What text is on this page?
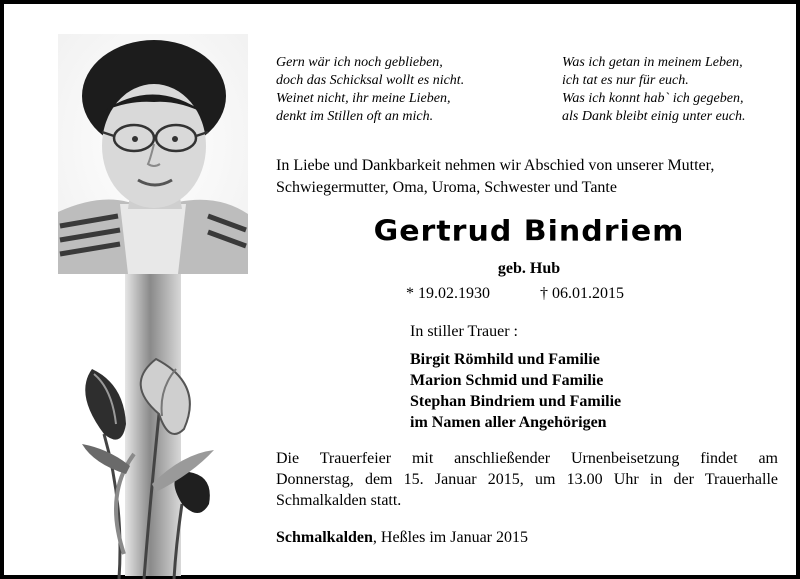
Gern wär ich noch geblieben,
doch das Schicksal wollt es nicht.
Weinet nicht, ihr meine Lieben,
denkt im Stillen oft an mich.
Was ich getan in meinem Leben,
ich tat es nur für euch.
Was ich konnt hab` ich gegeben,
als Dank bleibt einig unter euch.
In Liebe und Dankbarkeit nehmen wir Abschied von unserer Mutter,
Schwiegermutter, Oma, Uroma, Schwester und Tante
Gertrud Bindriem
geb. Hub
* 19.02.1930	† 06.01.2015
In stiller Trauer :
Birgit Römhild und Familie
Marion Schmid und Familie
Stephan Bindriem und Familie
im Namen aller Angehörigen
Die Trauerfeier mit anschließender Urnenbeisetzung findet am
Donnerstag, dem 15. Januar 2015, um 13.00 Uhr in der Trauerhalle
Schmalkalden statt.
Schmalkalden, Heßles im Januar 2015
